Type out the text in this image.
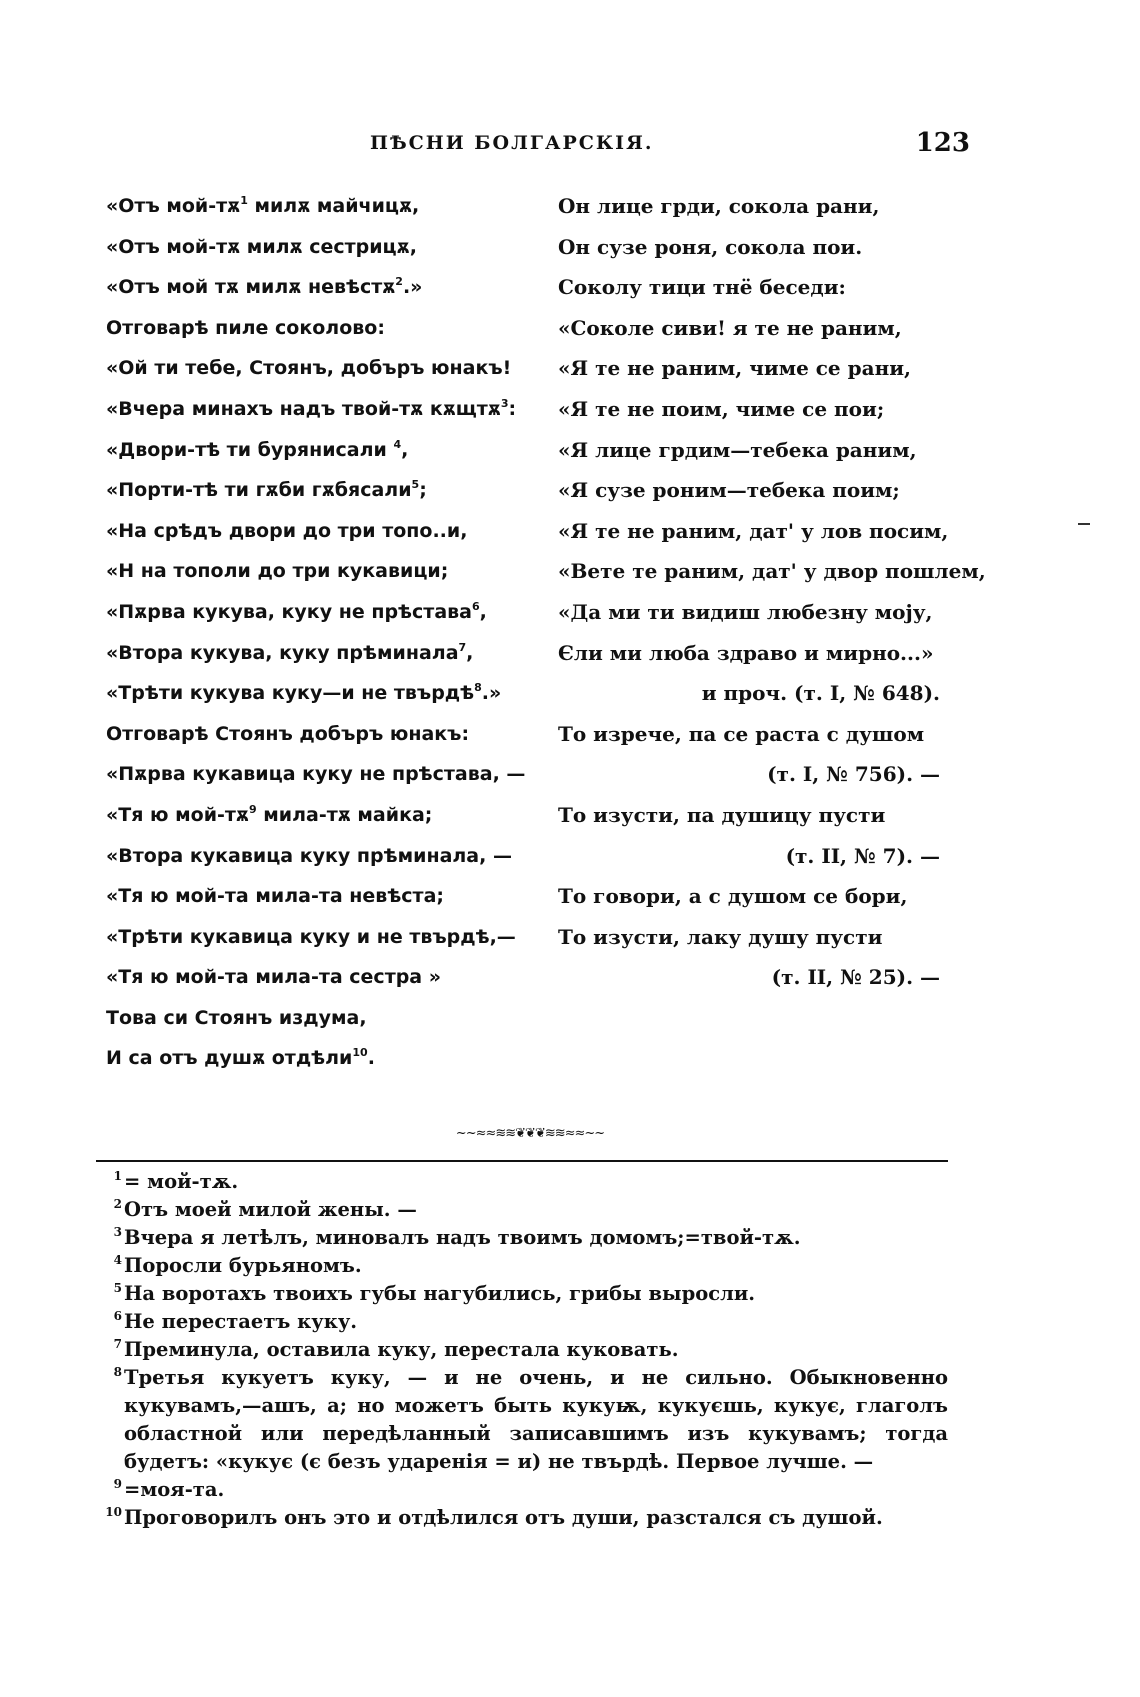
ПѢСНИ БОЛГАРСКІЯ.	123
«Отъ мой-$тѫ^1$ милѫ майчицѫ,
«Отъ мой-тѫ милѫ сестрицѫ,
«Отъ мой тѫ милѫ невѣстѫ$^2$.»
Отговарѣ пиле соколово:
«Ой ти тебе, Стоянъ, добъръ юнакъ!
«Вчера минахъ надъ твой-тѫ кѫщтѫ$^3$:
«Двори-тѣ ти бурянисали $^4$,
«Порти-тѣ ти гѫби гѫбясали$^5$;
«На срѣдъ двори до три топо..и,
«Н на тополи до три кукавици;
«Пѫрва кукува, куку не прѣстава$^6$,
«Втора кукува, куку прѣминала$^7$,
«Трѣти кукува куку—и не твърдѣ$^8$.»
Отговарѣ Стоянъ добъръ юнакъ:
«Пѫрва кукавица куку не прѣстава, —
«Тя ю мой-$тѫ^9$ мила-тѫ майка;
«Втора кукавица куку прѣминала, —
«Тя ю мой-та мила-та невѣста;
«Трѣти кукавица куку и не твърдѣ,—
«Тя ю мой-та мила-та сестра »
Това си Стоянъ издума,
И са отъ душѫ отдѣли$^{10}$.
Он лице грди, сокола рани,
Он сузе роня, сокола пои.
Соколу тици тнё беседи:
«Соколе сиви! я те не раним,
«Я те не раним, чиме се рани,
«Я те не поим, чиме се пои;
«Я лице грдим—тебека раним,
«Я сузе роним—тебека поим;
«Я те не раним, дат' у лов посим,
«Вете те раним, дат' у двор пошлем,
«Да ми ти видиш любезну моју,
Єли ми люба здраво и мирно...»
и проч. (т. I, № 648).
То изрече, па се раста с душом
(т. I, № 756). —
То изусти, па душицу пусти
(т. II, № 7). —
То говори, а с душом се бори,
То изусти, лаку душу пусти
(т. II, № 25). —
~~≈≈≋≋❦❦❦≋≋≈≈~~
1 = мой-тѫ.
2 Отъ моей милой жены. —
3 Вчера я летѣлъ, миновалъ надъ твоимъ домомъ;=твой-тѫ.
4 Поросли бурьяномъ.
5 На воротахъ твоихъ губы нагубились, грибы выросли.
6 Не перестаетъ куку.
7 Преминула, оставила куку, перестала куковать.
8 Третья кукуетъ куку, — и не очень, и не сильно. Обыкновенно кукувамъ,—ашъ, а; но можетъ быть кукуѭ, кукуєшь, кукує, глаголъ областной или передѣланный записавшимъ изъ кукувамъ; тогда будетъ: «кукує (є безъ ударенія = и) не твърдѣ. Первое лучше. —
9 =моя-та.
10 Проговорилъ онъ это и отдѣлился отъ души, разстался съ душой.
